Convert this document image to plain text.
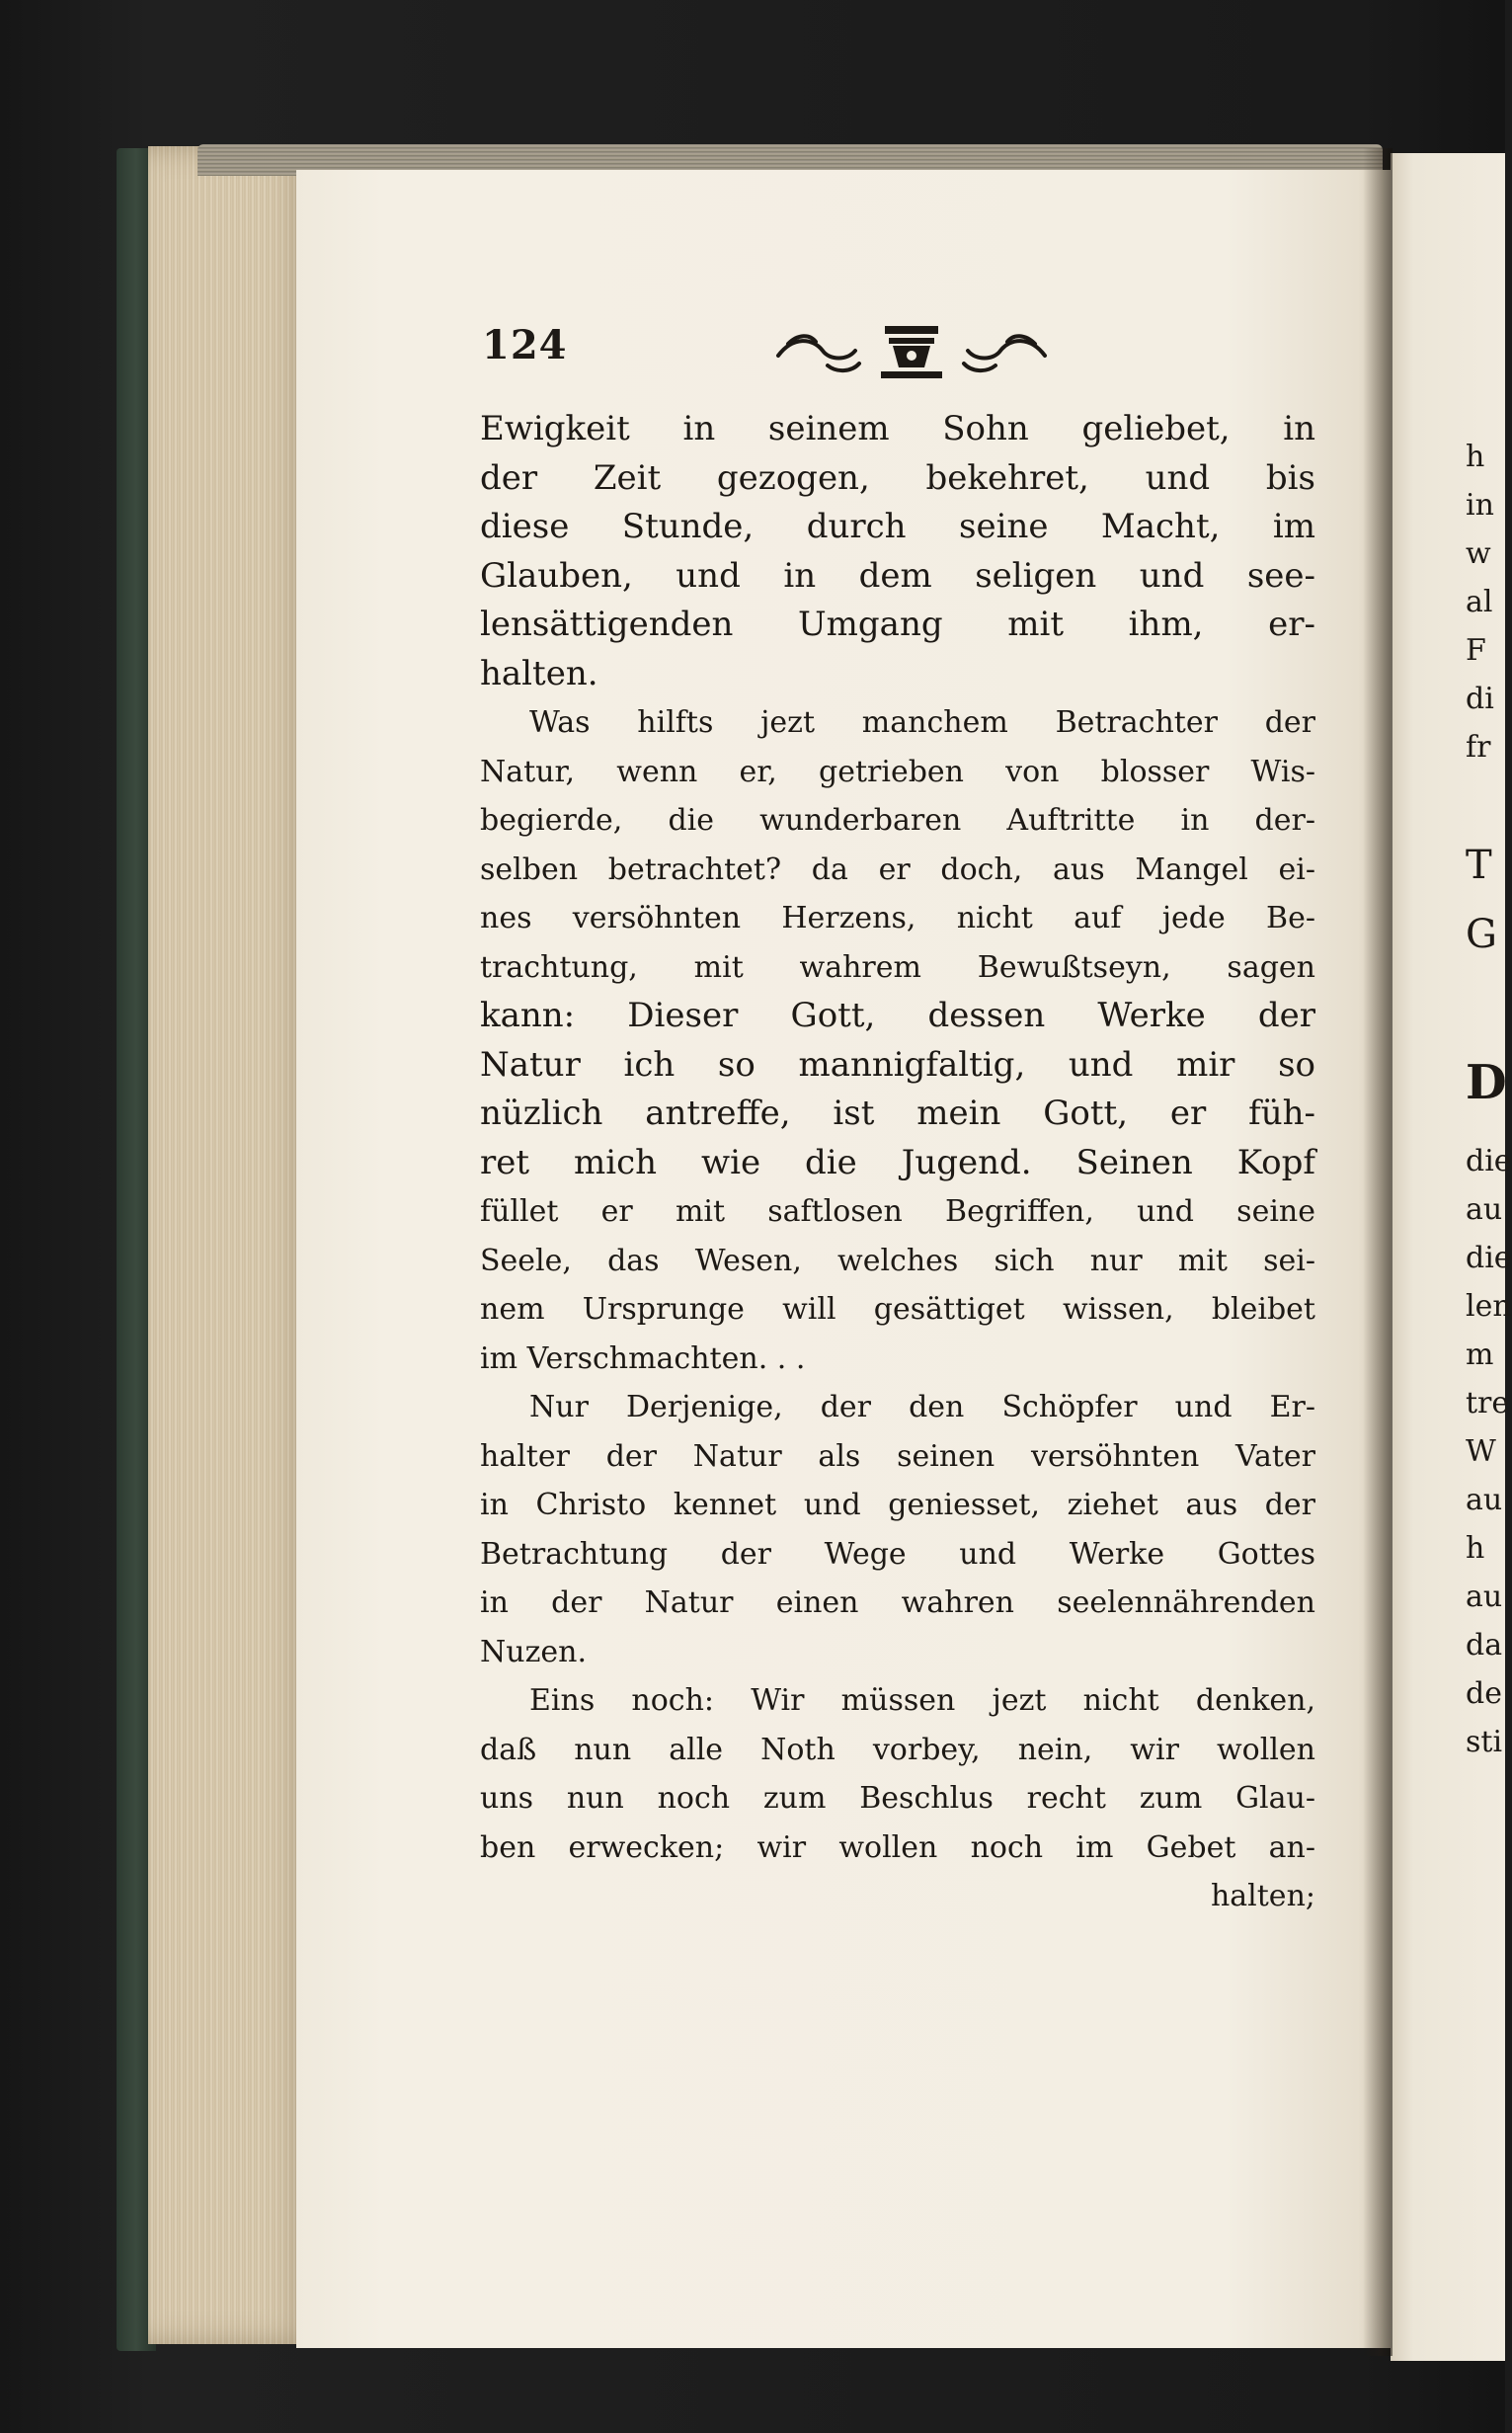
124
Ewigkeit in seinem Sohn geliebet, in
der Zeit gezogen, bekehret, und bis
diese Stunde, durch seine Macht, im
Glauben, und in dem seligen und see-
lensättigenden Umgang mit ihm, er-
halten.
Was hilfts jezt manchem Betrachter der
Natur, wenn er, getrieben von blosser Wis-
begierde, die wunderbaren Auftritte in der-
selben betrachtet? da er doch, aus Mangel ei-
nes versöhnten Herzens, nicht auf jede Be-
trachtung, mit wahrem Bewußtseyn, sagen
kann: Dieser Gott, dessen Werke der
Natur ich so mannigfaltig, und mir so
nüzlich antreffe, ist mein Gott, er füh-
ret mich wie die Jugend. Seinen Kopf
füllet er mit saftlosen Begriffen, und seine
Seele, das Wesen, welches sich nur mit sei-
nem Ursprunge will gesättiget wissen, bleibet
im Verschmachten. . .
Nur Derjenige, der den Schöpfer und Er-
halter der Natur als seinen versöhnten Vater
in Christo kennet und geniesset, ziehet aus der
Betrachtung der Wege und Werke Gottes
in der Natur einen wahren seelennährenden
Nuzen.
Eins noch: Wir müssen jezt nicht denken,
daß nun alle Noth vorbey, nein, wir wollen
uns nun noch zum Beschlus recht zum Glau-
ben erwecken; wir wollen noch im Gebet an-
halten;
h
in
w
al
F
di
fr
T
G
D
die
au
die
len
m
tre
W
au
h
au
da
de
sti
